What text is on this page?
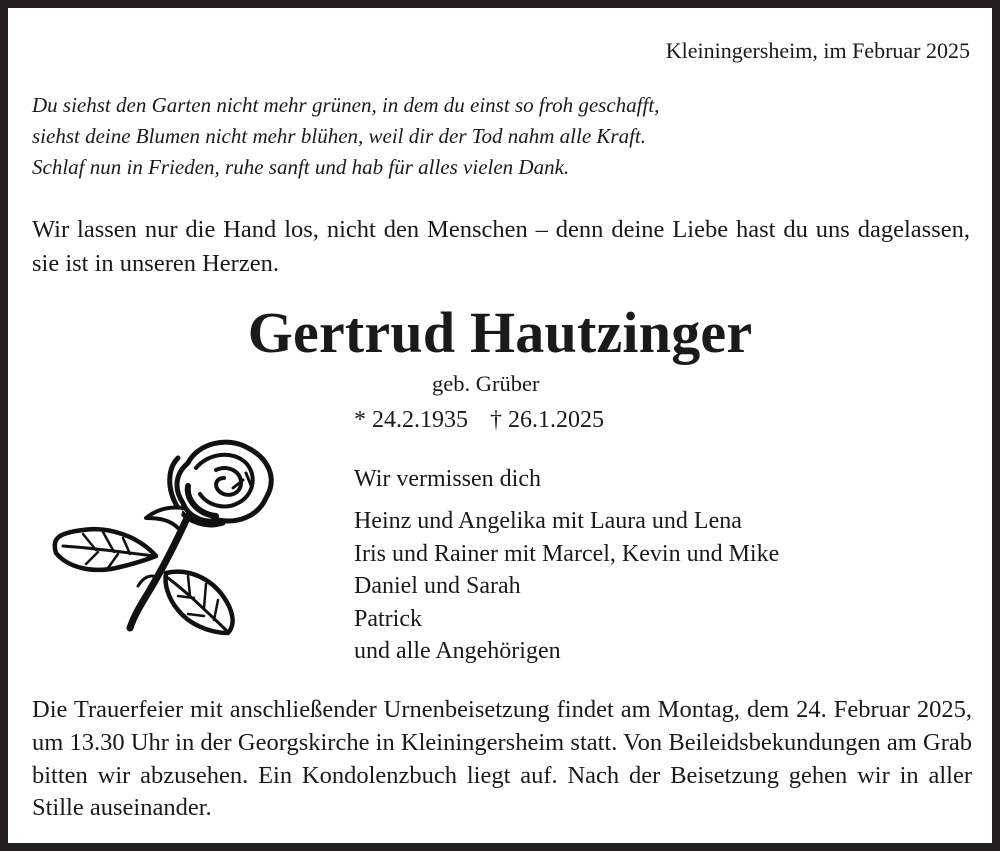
Kleiningersheim, im Februar 2025
Du siehst den Garten nicht mehr grünen, in dem du einst so froh geschafft,
siehst deine Blumen nicht mehr blühen, weil dir der Tod nahm alle Kraft.
Schlaf nun in Frieden, ruhe sanft und hab für alles vielen Dank.
Wir lassen nur die Hand los, nicht den Menschen – denn deine Liebe hast du uns dagelassen, sie ist in unseren Herzen.
Gertrud Hautzinger
geb. Grüber
* 24.2.1935 † 26.1.2025
Wir vermissen dich
Heinz und Angelika mit Laura und Lena
Iris und Rainer mit Marcel, Kevin und Mike
Daniel und Sarah
Patrick
und alle Angehörigen
Die Trauerfeier mit anschließender Urnenbeisetzung findet am Montag, dem 24. Februar 2025, um 13.30 Uhr in der Georgskirche in Kleiningersheim statt. Von Beileidsbekundungen am Grab bitten wir abzusehen. Ein Kondolenzbuch liegt auf. Nach der Beisetzung gehen wir in aller Stille auseinander.
